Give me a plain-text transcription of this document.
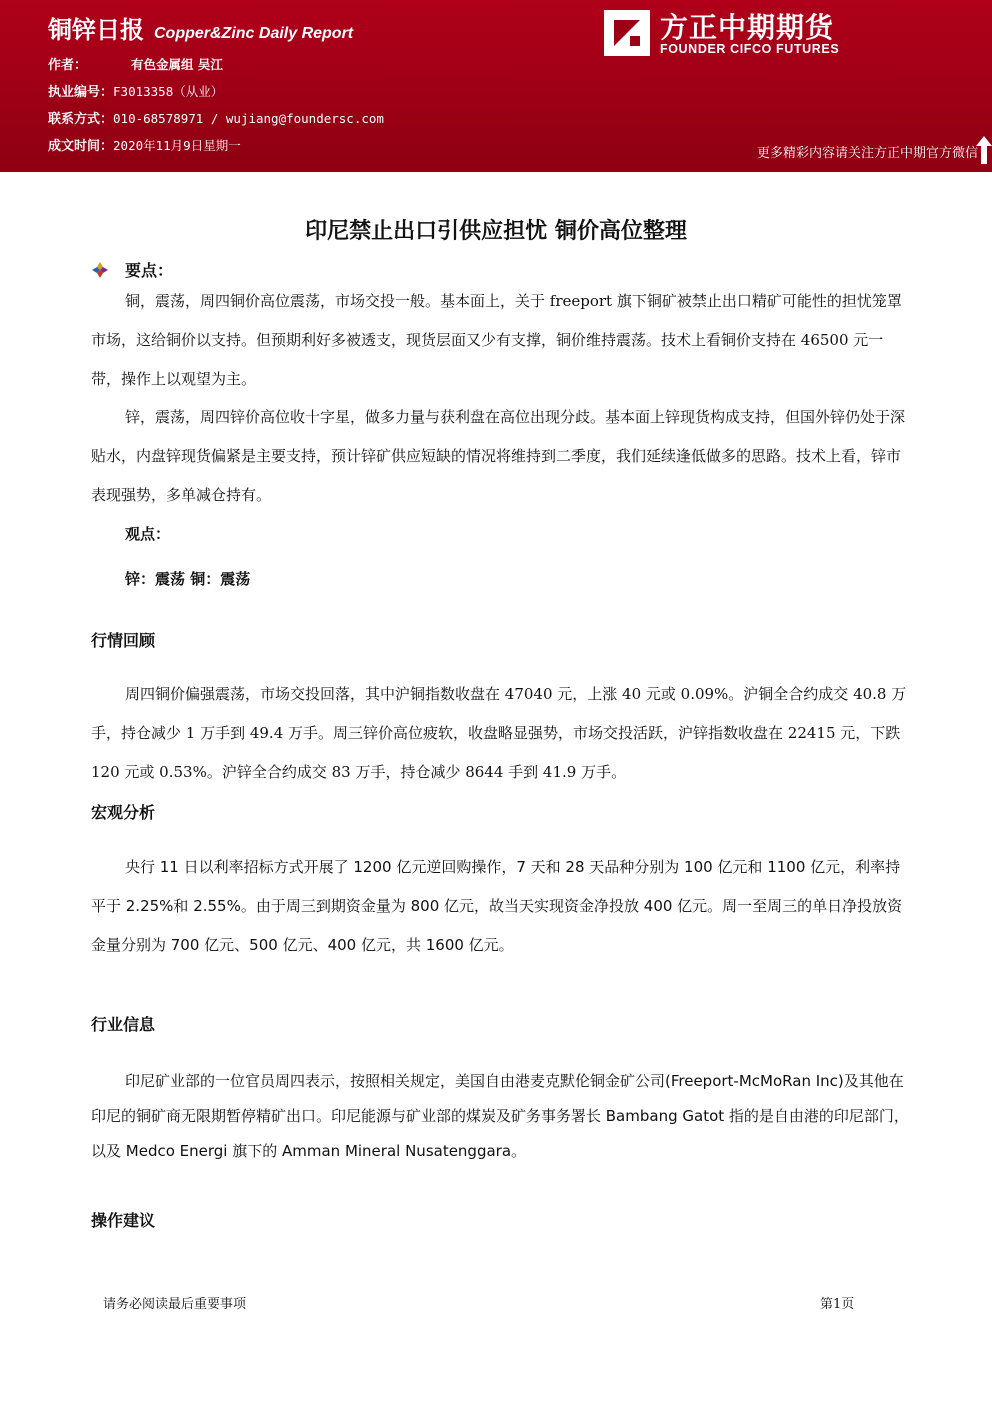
铜锌日报 Copper&Zinc Daily Report
作者：	有色金属组 吴江
执业编号：F3013358（从业）
联系方式：010-68578971 / wujiang@foundersc.com
成文时间：2020年11月9日星期一
方正中期期货
FOUNDER CIFCO FUTURES
更多精彩内容请关注方正中期官方微信
印尼禁止出口引供应担忧 铜价高位整理
要点：
铜，震荡，周四铜价高位震荡，市场交投一般。基本面上，关于 freeport 旗下铜矿被禁止出口精矿可能性的担忧笼罩市场，这给铜价以支持。但预期利好多被透支，现货层面又少有支撑，铜价维持震荡。技术上看铜价支持在 46500 元一带，操作上以观望为主。
锌，震荡，周四锌价高位收十字星，做多力量与获利盘在高位出现分歧。基本面上锌现货构成支持，但国外锌仍处于深贴水，内盘锌现货偏紧是主要支持，预计锌矿供应短缺的情况将维持到二季度，我们延续逢低做多的思路。技术上看，锌市表现强势，多单减仓持有。
观点：
锌：震荡 铜：震荡
行情回顾
周四铜价偏强震荡，市场交投回落，其中沪铜指数收盘在 47040 元，上涨 40 元或 0.09%。沪铜全合约成交 40.8 万手，持仓减少 1 万手到 49.4 万手。周三锌价高位疲软，收盘略显强势，市场交投活跃，沪锌指数收盘在 22415 元，下跌 120 元或 0.53%。沪锌全合约成交 83 万手，持仓减少 8644 手到 41.9 万手。
宏观分析
央行 11 日以利率招标方式开展了 1200 亿元逆回购操作，7 天和 28 天品种分别为 100 亿元和 1100 亿元，利率持平于 2.25%和 2.55%。由于周三到期资金量为 800 亿元，故当天实现资金净投放 400 亿元。周一至周三的单日净投放资金量分别为 700 亿元、500 亿元、400 亿元，共 1600 亿元。
行业信息
印尼矿业部的一位官员周四表示，按照相关规定，美国自由港麦克默伦铜金矿公司(Freeport-McMoRan Inc)及其他在印尼的铜矿商无限期暂停精矿出口。印尼能源与矿业部的煤炭及矿务事务署长 Bambang Gatot 指的是自由港的印尼部门，以及 Medco Energi 旗下的 Amman Mineral Nusatenggara。
操作建议
请务必阅读最后重要事项	第1页
